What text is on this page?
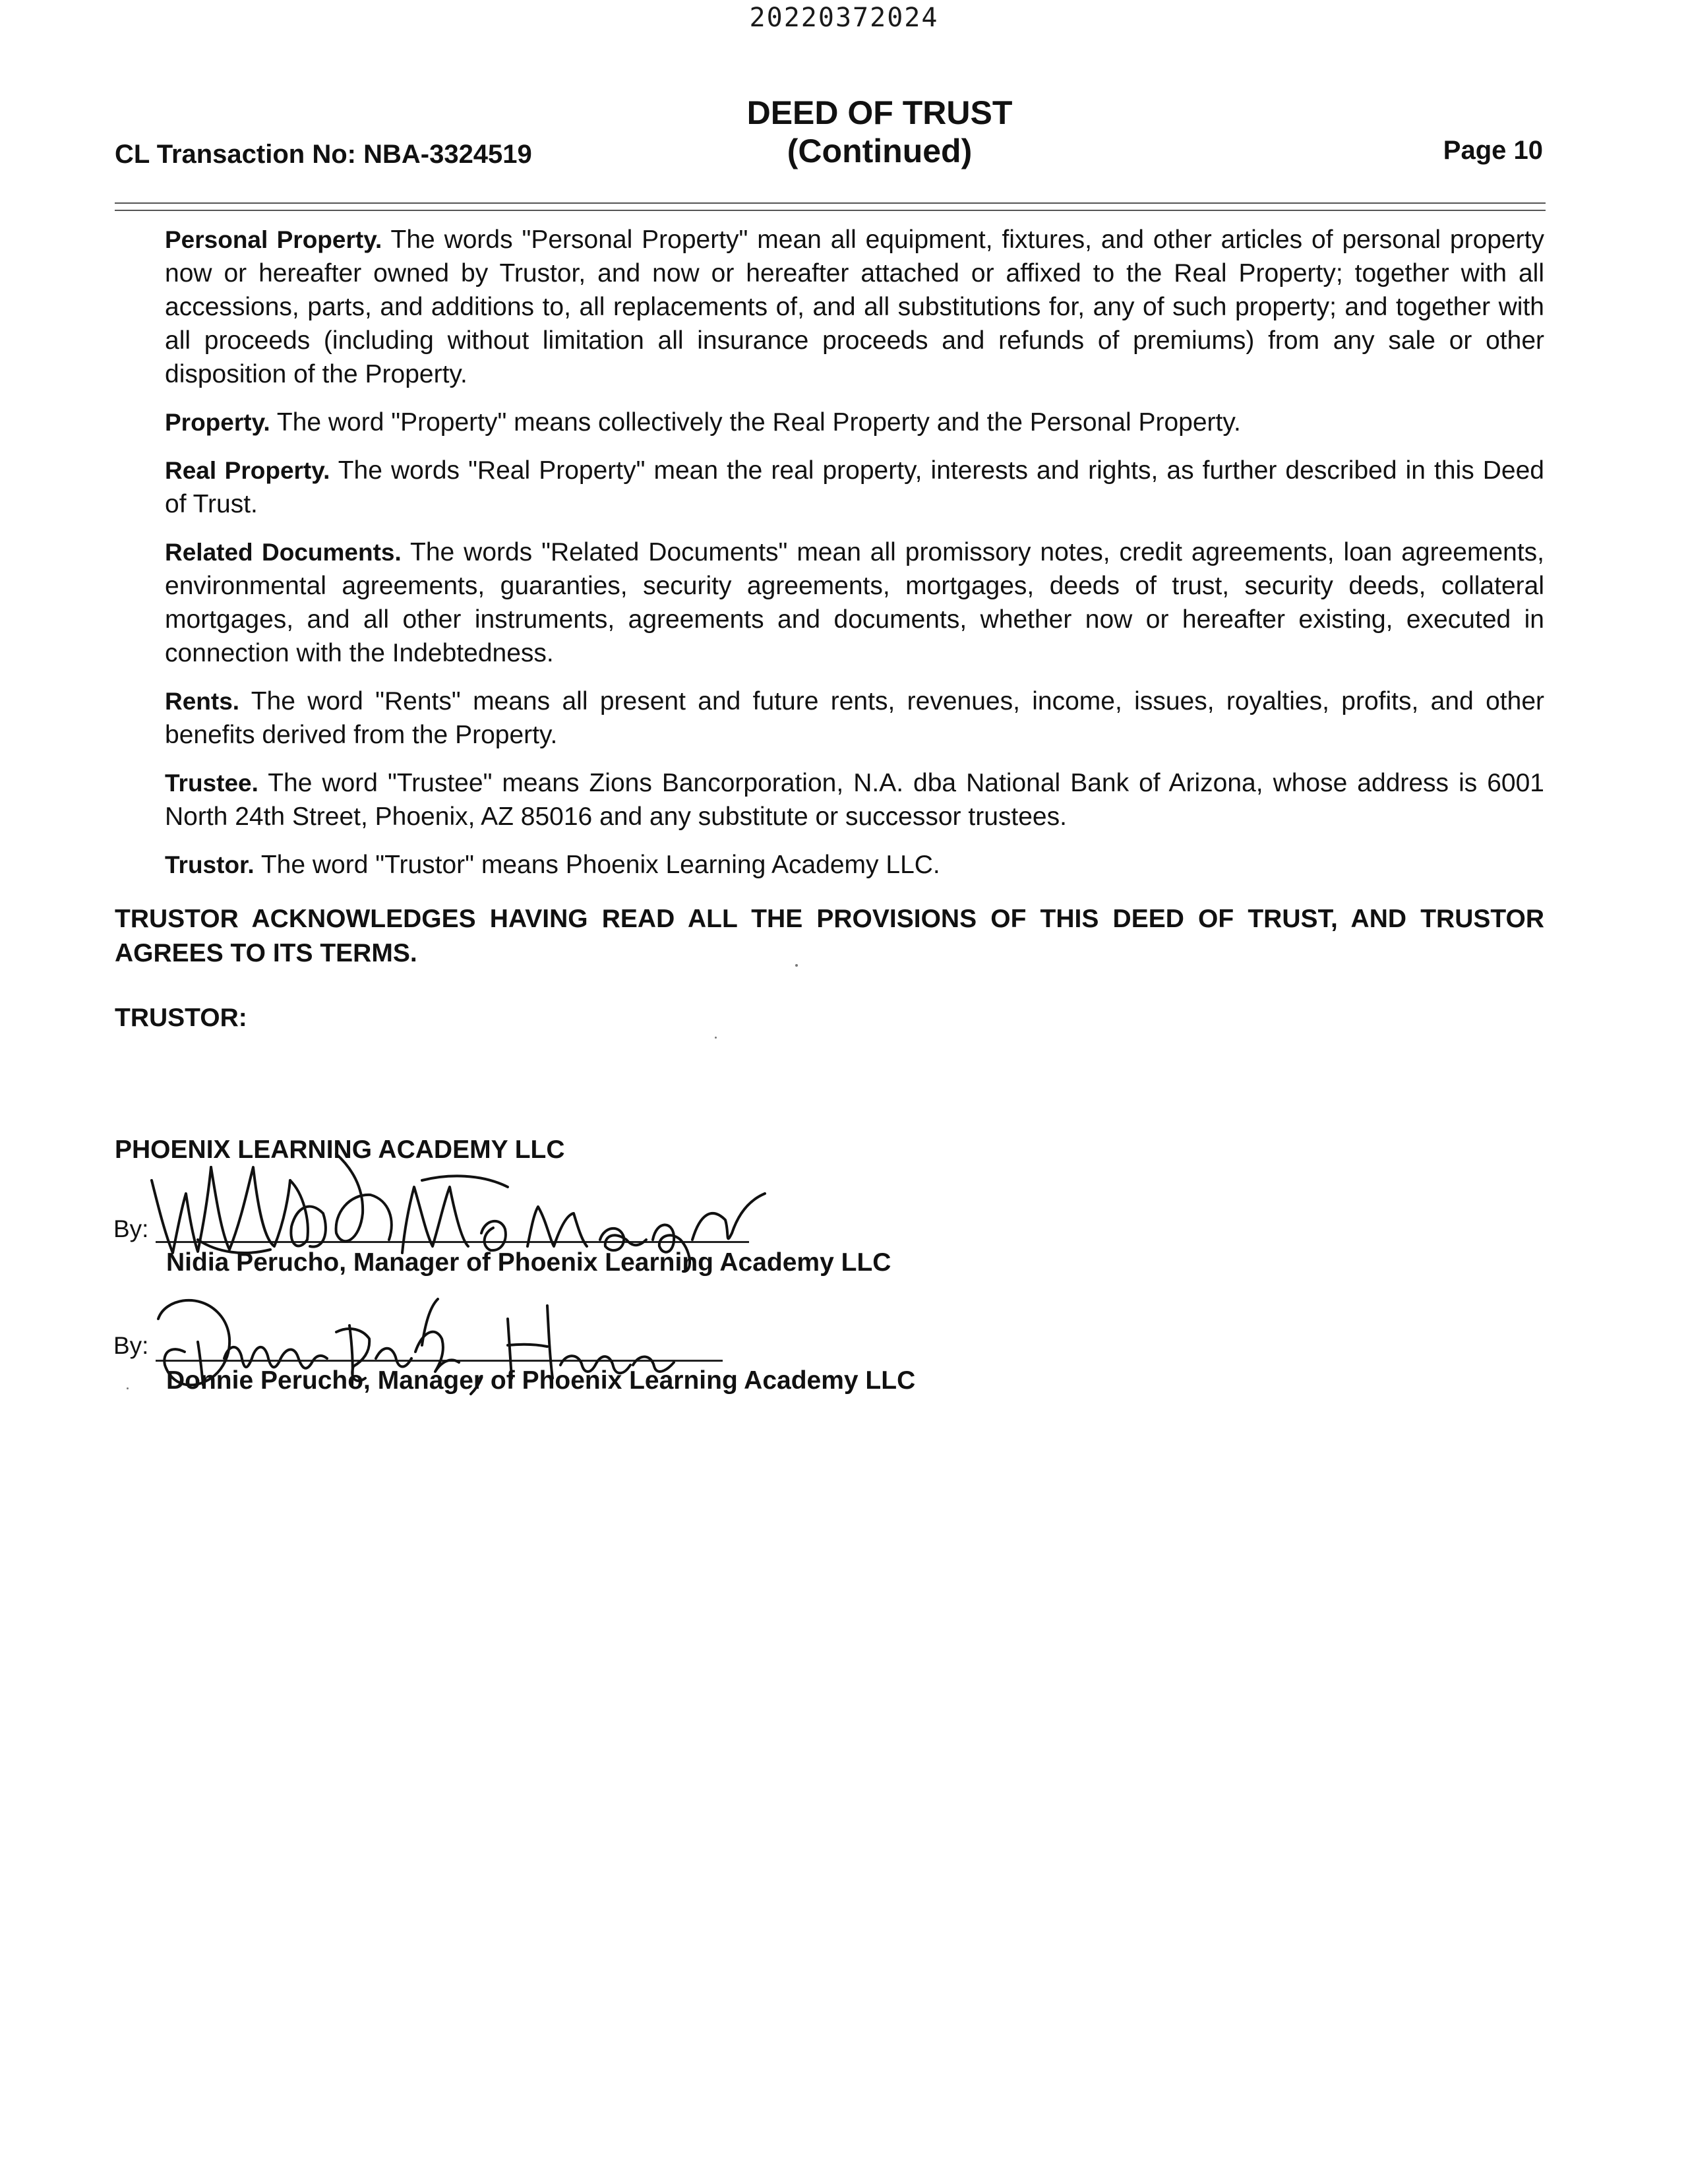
20220372024
CL Transaction No: NBA-3324519
DEED OF TRUST
(Continued)	Page 10

Personal Property. The words "Personal Property" mean all equipment, fixtures, and other articles of personal property now or hereafter owned by Trustor, and now or hereafter attached or affixed to the Real Property; together with all accessions, parts, and additions to, all replacements of, and all substitutions for, any of such property; and together with all proceeds (including without limitation all insurance proceeds and refunds of premiums) from any sale or other disposition of the Property.

Property. The word "Property" means collectively the Real Property and the Personal Property.

Real Property. The words "Real Property" mean the real property, interests and rights, as further described in this Deed of Trust.

Related Documents. The words "Related Documents" mean all promissory notes, credit agreements, loan agreements, environmental agreements, guaranties, security agreements, mortgages, deeds of trust, security deeds, collateral mortgages, and all other instruments, agreements and documents, whether now or hereafter existing, executed in connection with the Indebtedness.

Rents. The word "Rents" means all present and future rents, revenues, income, issues, royalties, profits, and other benefits derived from the Property.

Trustee. The word "Trustee" means Zions Bancorporation, N.A. dba National Bank of Arizona, whose address is 6001 North 24th Street, Phoenix, AZ 85016 and any substitute or successor trustees.

Trustor. The word "Trustor" means Phoenix Learning Academy LLC.

TRUSTOR ACKNOWLEDGES HAVING READ ALL THE PROVISIONS OF THIS DEED OF TRUST, AND TRUSTOR AGREES TO ITS TERMS.
TRUSTOR:
PHOENIX LEARNING ACADEMY LLC
By:
Nidia Perucho, Manager of Phoenix Learning Academy LLC
By:
Donnie Perucho, Manager of Phoenix Learning Academy LLC
